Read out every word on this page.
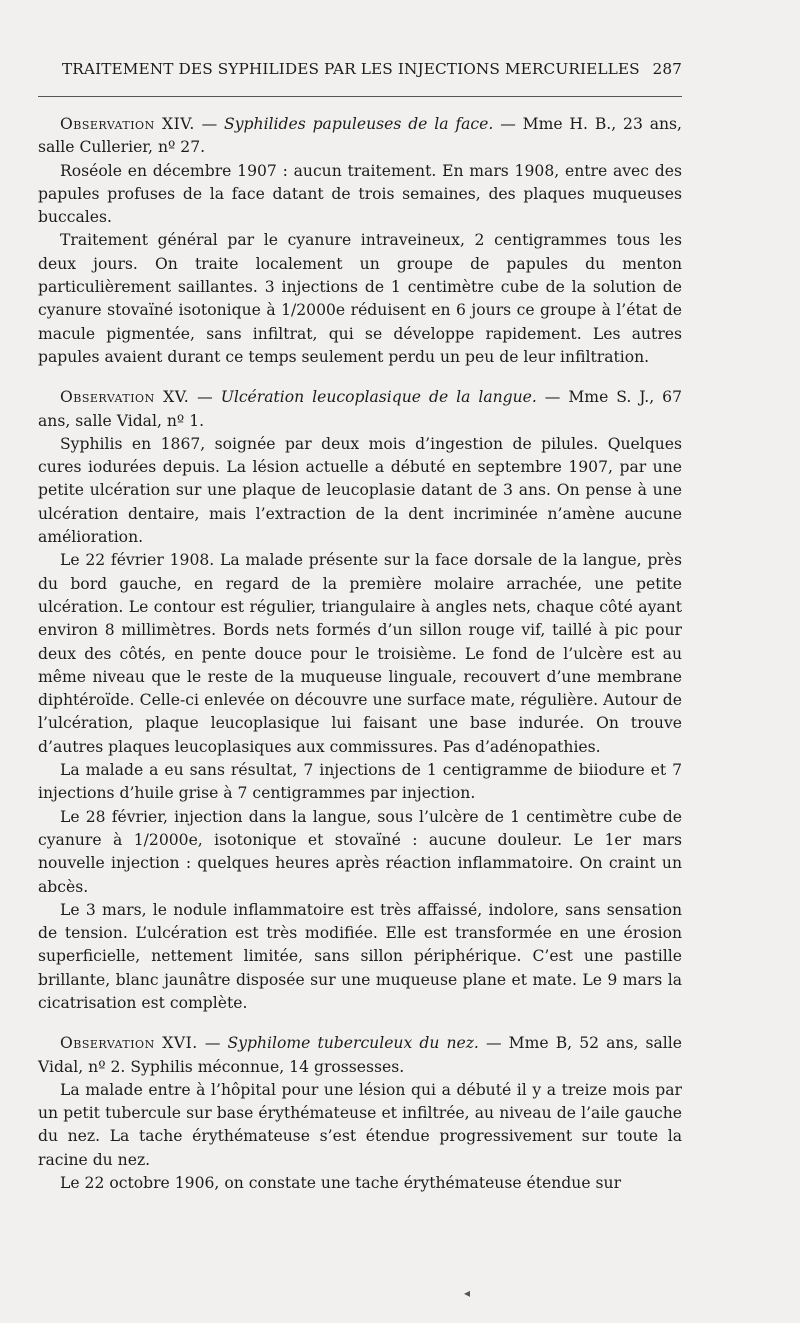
TRAITEMENT DES SYPHILIDES PAR LES INJECTIONS MERCURIELLES 287

Observation XIV. — Syphilides papuleuses de la face. — Mme H. B., 23 ans, salle Cullerier, nº 27.

Roséole en décembre 1907 : aucun traitement. En mars 1908, entre avec des papules profuses de la face datant de trois semaines, des plaques muqueuses buccales.

Traitement général par le cyanure intraveineux, 2 centigrammes tous les deux jours. On traite localement un groupe de papules du menton particulièrement saillantes. 3 injections de 1 centimètre cube de la solution de cyanure stovaïné isotonique à 1/2000e réduisent en 6 jours ce groupe à l’état de macule pigmentée, sans infiltrat, qui se développe rapidement. Les autres papules avaient durant ce temps seulement perdu un peu de leur infiltration.

Observation XV. — Ulcération leucoplasique de la langue. — Mme S. J., 67 ans, salle Vidal, nº 1.

Syphilis en 1867, soignée par deux mois d’ingestion de pilules. Quelques cures iodurées depuis. La lésion actuelle a débuté en septembre 1907, par une petite ulcération sur une plaque de leucoplasie datant de 3 ans. On pense à une ulcération dentaire, mais l’extraction de la dent incriminée n’amène aucune amélioration.

Le 22 février 1908. La malade présente sur la face dorsale de la langue, près du bord gauche, en regard de la première molaire arrachée, une petite ulcération. Le contour est régulier, triangulaire à angles nets, chaque côté ayant environ 8 millimètres. Bords nets formés d’un sillon rouge vif, taillé à pic pour deux des côtés, en pente douce pour le troisième. Le fond de l’ulcère est au même niveau que le reste de la muqueuse linguale, recouvert d’une membrane diphtéroïde. Celle-ci enlevée on découvre une surface mate, régulière. Autour de l’ulcération, plaque leucoplasique lui faisant une base indurée. On trouve d’autres plaques leucoplasiques aux commissures. Pas d’adénopathies.

La malade a eu sans résultat, 7 injections de 1 centigramme de biiodure et 7 injections d’huile grise à 7 centigrammes par injection.

Le 28 février, injection dans la langue, sous l’ulcère de 1 centimètre cube de cyanure à 1/2000e, isotonique et stovaïné : aucune douleur. Le 1er mars nouvelle injection : quelques heures après réaction inflammatoire. On craint un abcès.

Le 3 mars, le nodule inflammatoire est très affaissé, indolore, sans sensation de tension. L’ulcération est très modifiée. Elle est transformée en une érosion superficielle, nettement limitée, sans sillon périphérique. C’est une pastille brillante, blanc jaunâtre disposée sur une muqueuse plane et mate. Le 9 mars la cicatrisation est complète.

Observation XVI. — Syphilome tuberculeux du nez. — Mme B, 52 ans, salle Vidal, nº 2. Syphilis méconnue, 14 grossesses.

La malade entre à l’hôpital pour une lésion qui a débuté il y a treize mois par un petit tubercule sur base érythémateuse et infiltrée, au niveau de l’aile gauche du nez. La tache érythémateuse s’est étendue progressivement sur toute la racine du nez.

Le 22 octobre 1906, on constate une tache érythémateuse étendue sur

◂
